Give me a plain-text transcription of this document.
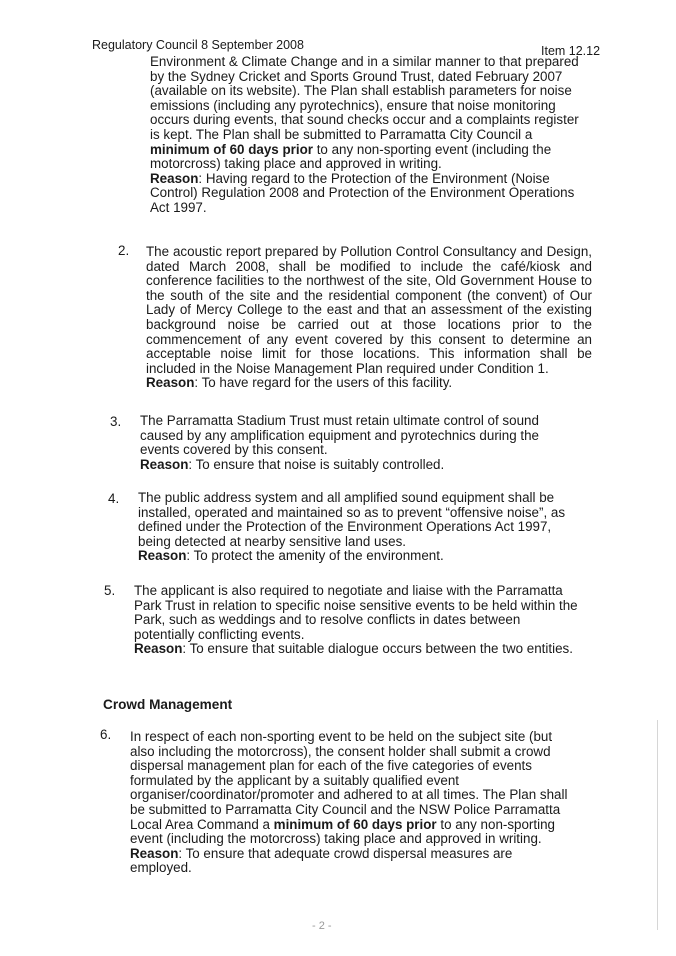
Regulatory Council 8 September 2008	Item 12.12

Environment & Climate Change and in a similar manner to that prepared by the Sydney Cricket and Sports Ground Trust, dated February 2007 (available on its website). The Plan shall establish parameters for noise emissions (including any pyrotechnics), ensure that noise monitoring occurs during events, that sound checks occur and a complaints register is kept. The Plan shall be submitted to Parramatta City Council a minimum of 60 days prior to any non-sporting event (including the motorcross) taking place and approved in writing.

Reason: Having regard to the Protection of the Environment (Noise Control) Regulation 2008 and Protection of the Environment Operations Act 1997.

2. The acoustic report prepared by Pollution Control Consultancy and Design, dated March 2008, shall be modified to include the café/kiosk and conference facilities to the northwest of the site, Old Government House to the south of the site and the residential component (the convent) of Our Lady of Mercy College to the east and that an assessment of the existing background noise be carried out at those locations prior to the commencement of any event covered by this consent to determine an acceptable noise limit for those locations. This information shall be included in the Noise Management Plan required under Condition 1.

Reason: To have regard for the users of this facility.

3. The Parramatta Stadium Trust must retain ultimate control of sound caused by any amplification equipment and pyrotechnics during the events covered by this consent.

Reason: To ensure that noise is suitably controlled.

4. The public address system and all amplified sound equipment shall be installed, operated and maintained so as to prevent “offensive noise”, as defined under the Protection of the Environment Operations Act 1997, being detected at nearby sensitive land uses.

Reason: To protect the amenity of the environment.

5. The applicant is also required to negotiate and liaise with the Parramatta Park Trust in relation to specific noise sensitive events to be held within the Park, such as weddings and to resolve conflicts in dates between potentially conflicting events.

Reason: To ensure that suitable dialogue occurs between the two entities.

Crowd Management
6. In respect of each non-sporting event to be held on the subject site (but also including the motorcross), the consent holder shall submit a crowd dispersal management plan for each of the five categories of events formulated by the applicant by a suitably qualified event organiser/coordinator/promoter and adhered to at all times. The Plan shall be submitted to Parramatta City Council and the NSW Police Parramatta Local Area Command a minimum of 60 days prior to any non-sporting event (including the motorcross) taking place and approved in writing.

Reason: To ensure that adequate crowd dispersal measures are employed.

- 2 -
